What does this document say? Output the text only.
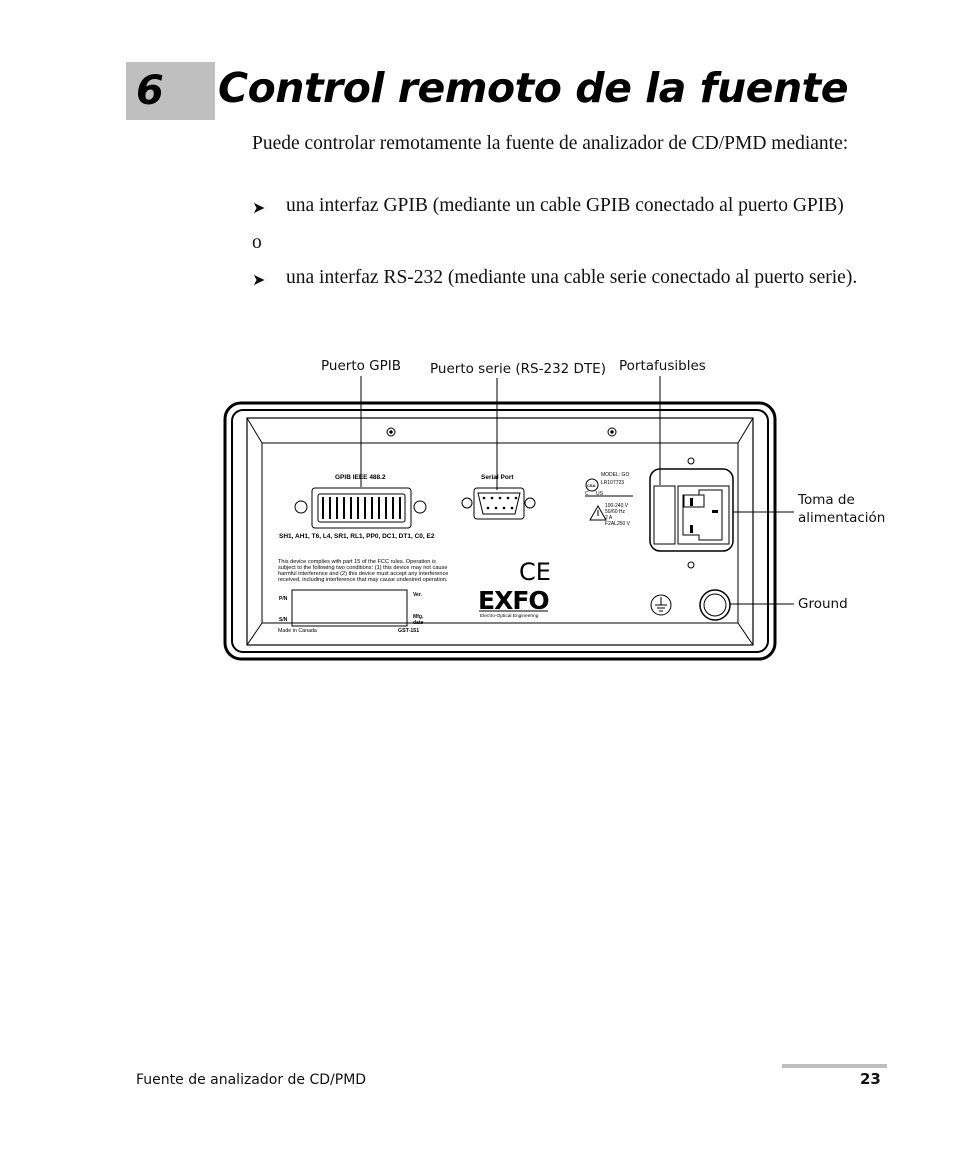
6 Control remoto de la fuente
Puede controlar remotamente la fuente de analizador de CD/PMD mediante:
➤ una interfaz GPIB (mediante un cable GPIB conectado al puerto GPIB)
o
➤ una interfaz RS-232 (mediante una cable serie conectado al puerto serie).
Puerto GPIB Puerto serie (RS-232 DTE) Portafusibles
Toma de
alimentación
Ground
GPIB IEEE 488.2	Serial Port
SH1, AH1, T6, L4, SR1, RL1, PP0, DC1, DT1, C0, E2
This device complies with part 15 of the FCC rules. Operation is
subject to the following two conditions: (1) this device may not cause
harmful interference and (2) this device must accept any interference
received, including interference that may cause undesired operation.
P/N
S/N
Ver.
Mfg.
date
Made in Canada	GST-151
MODEL: GO
LR107723
CSA
C US
100-240 V
50/60 Hz
2 A
F2AL250 V
CE
EXFO
Electro-Optical Engineering
Fuente de analizador de CD/PMD	23
